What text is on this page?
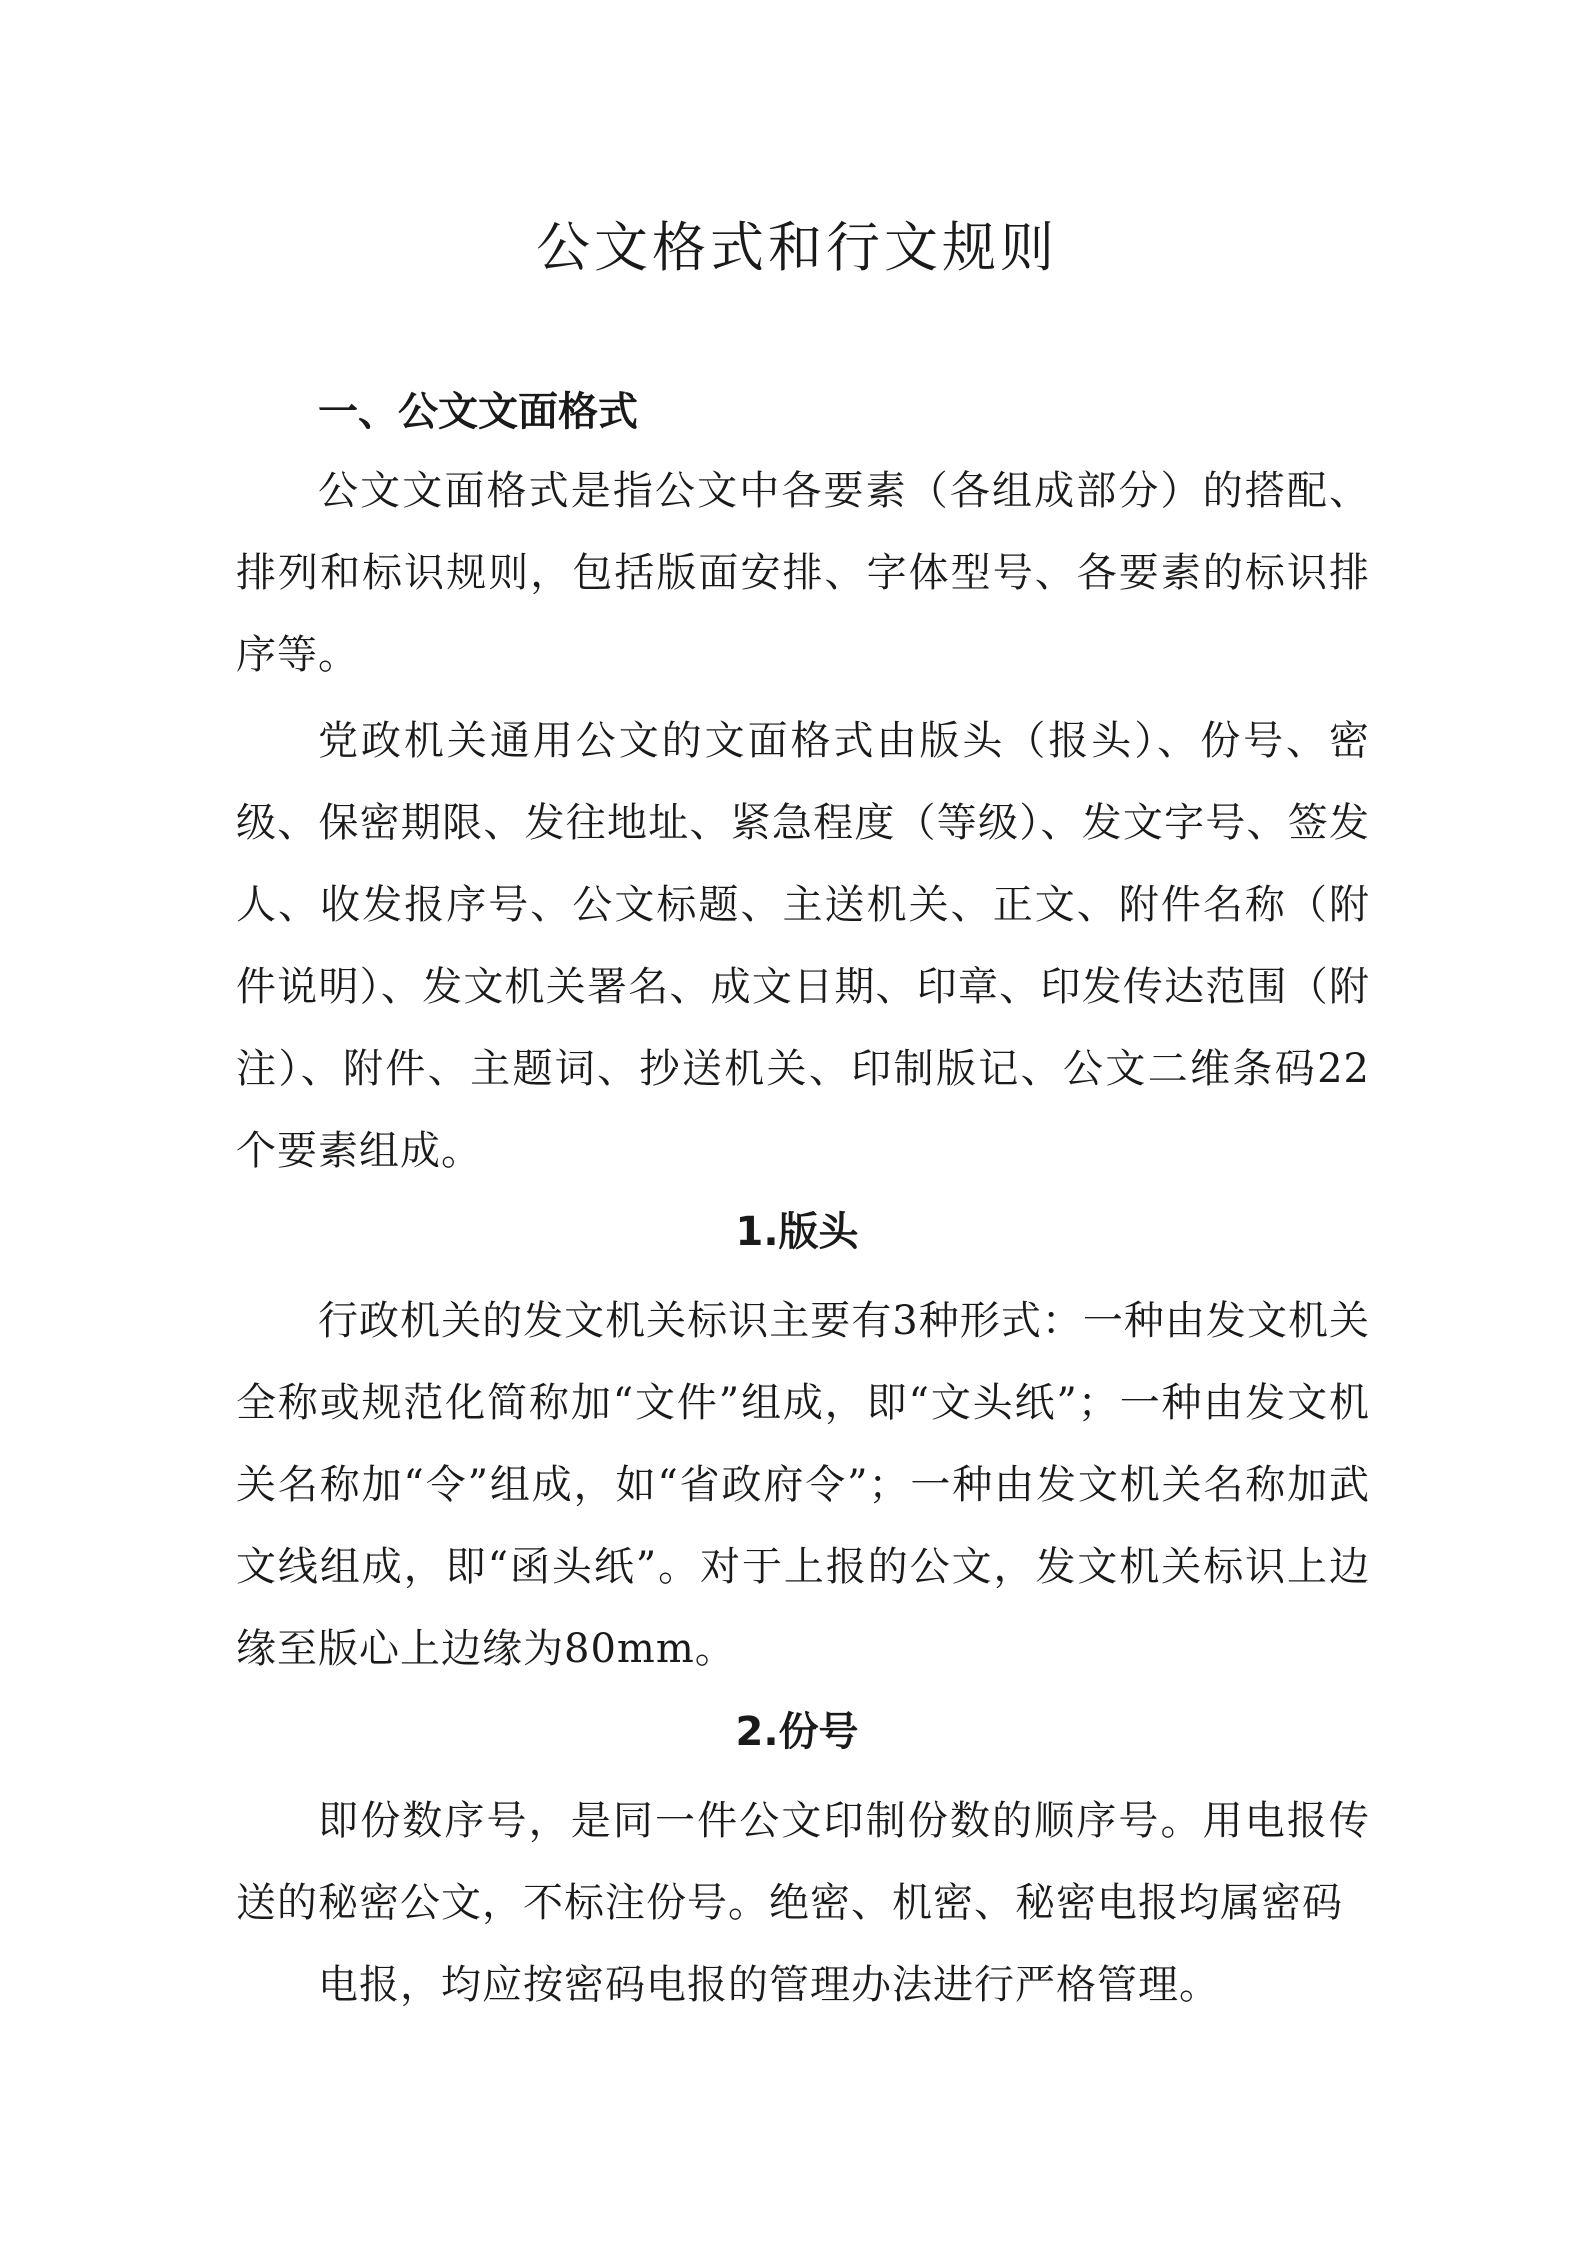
公文格式和行文规则
一、公文文面格式

公文文面格式是指公文中各要素（各组成部分）的搭配、排列和标识规则，包括版面安排、字体型号、各要素的标识排序等。

党政机关通用公文的文面格式由版头（报头）、份号、密级、保密期限、发往地址、紧急程度（等级）、发文字号、签发人、收发报序号、公文标题、主送机关、正文、附件名称（附件说明）、发文机关署名、成文日期、印章、印发传达范围（附注）、附件、主题词、抄送机关、印制版记、公文二维条码22个要素组成。

1.版头

行政机关的发文机关标识主要有3种形式：一种由发文机关全称或规范化简称加“文件”组成，即“文头纸”；一种由发文机关名称加“令”组成，如“省政府令”；一种由发文机关名称加武文线组成，即“函头纸”。对于上报的公文，发文机关标识上边缘至版心上边缘为80mm。

2.份号
即份数序号，是同一件公文印制份数的顺序号。用电报传送的秘密公文，不标注份号。绝密、机密、秘密电报均属密码
电报，均应按密码电报的管理办法进行严格管理。
